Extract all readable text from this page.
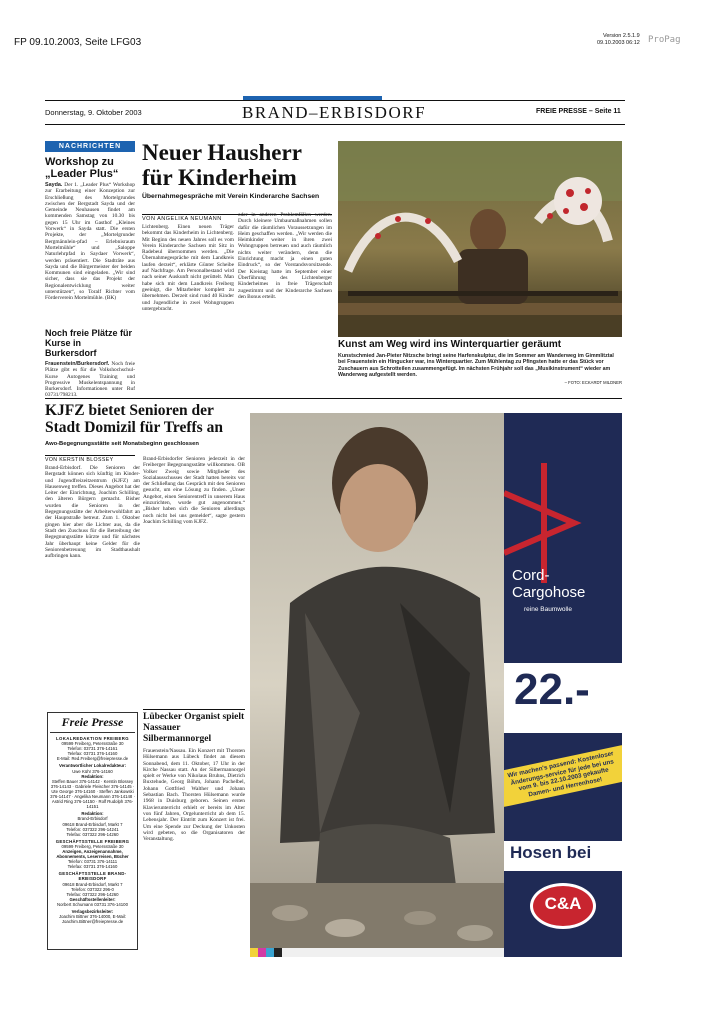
FP 09.10.2003, Seite LFG03
Version 2.5.1.9
09.10.2003 06:12 ProPag
Donnerstag, 9. Oktober 2003	BRAND–ERBISDORF	FREIE PRESSE – Seite 11
NACHRICHTEN
Workshop zu „Leader Plus“
Sayda. Der 1. „Leader Plus“ Workshop zur Erarbeitung einer Konzeption zur Erschließung des Mortelgrundes zwischen der Bergstadt Sayda und der Gemeinde Neuhausen findet am kommenden Samstag von 10.30 bis gegen 15 Uhr im Gasthof „Kleines Vorwerk“ in Sayda statt. Die ersten Projekte, der „Mortelgrunder Bergmännlein-pfad – Erlebnisraum Mortelmühle“ und „Saloppe Naturlehrpfad in Saydaer Vorwerk“, werden präsentiert. Die Stadträte aus Sayda und die Bürgermeister der beiden Kommunen sind eingeladen. „Wir sind sicher, dass sie das Projekt der Regionalentwicklung weiter unterstützen“, so Toralf Richter vom Förderverein Mortelmühle. (BK)
Noch freie Plätze für Kurse in Burkersdorf
Frauenstein/Burkersdorf. Noch freie Plätze gibt es für die Volkshochschul-Kurse Autogenes Training und Progressive Muskelentspannung in Burkersdorf. Informationen unter Ruf 03731/798213.
Neuer Hausherr für Kinderheim
Übernahmegespräche mit Verein Kinderarche Sachsen
VON ANGELIKA NEUMANN
Lichtenberg. Einen neuen Träger bekommt das Kinderheim in Lichtenberg. Mit Beginn des neuen Jahres soll es vom Verein Kinderarche Sachsen mit Sitz in Radebeul übernommen werden. „Die Übernahmegespräche mit dem Landkreis laufen derzeit“, erklärte Günter Scheibe auf Nachfrage. Am Personalbestand wird nach seiner Auskunft nicht gerüttelt. Man habe sich mit dem Landkreis Freiberg geeinigt, die Mitarbeiter komplett zu übernehmen. Derzeit sind rund 40 Kinder und Jugendliche in zwei Wohngruppen untergebracht.
oder in anderen Problemfällen werden. Durch kleinere Umbaumaßnahmen sollen dafür die räumlichen Voraussetzungen im Heim geschaffen werden. „Wir werden die Heimkinder weiter in ihren zwei Wohngruppen betreuen und auch räumlich nichts weiter verändern, denn die Einrichtung macht ja einen guten Eindruck“, so der Vorstandsvorsitzende. Der Kreistag hatte im September einer Überführung des Lichtenberger Kinderheimes in freie Trägerschaft zugestimmt und der Kinderarche Sachsen den Bonus erteilt.
Kunst am Weg wird ins Winterquartier geräumt
Kunstschmied Jan-Pieter Nitzsche bringt seine Harfenskulptur, die im Sommer am Wanderweg im Gimmlitztal bei Frauenstein ein Hingucker war, ins Winterquartier. Zum Mühlentag zu Pfingsten hatte er das Stück vor Zuschauern aus Schrotteilen zusammengefügt. Im nächsten Frühjahr soll das „Musikinstrument“ wieder am Wanderweg aufgestellt werden.
– FOTO: ECKARDT MILDNER
KJFZ bietet Senioren der Stadt Domizil für Treffs an
Awo-Begegnungsstätte seit Monatsbeginn geschlossen
VON KERSTIN BLOSSEY
Brand-Erbisdorf. Die Senioren der Bergstadt können sich künftig im Kinder- und Jugendfreizeitzentrum (KJFZ) am Hausenweg treffen. Dieses Angebot hat der Leiter der Einrichtung, Joachim Schilling, den älteren Bürgern gemacht. Bisher wurden die Senioren in der Begegnungsstätte der Arbeiterwohlfahrt an der Hauptstraße betreut. Zum 1. Oktober gingen hier aber die Lichter aus, da die Stadt den Zuschuss für die Betreibung der Begegnungsstätte kürzte und für nächstes Jahr überhaupt keine Gelder für die Seniorenbetreuung im Stadthaushalt aufbringen kann.
Brand-Erbisdorfer Senioren jederzeit in der Freiberger Begegnungsstätte willkommen. OB Volker Zweig sowie Mitglieder des Sozialausschusses der Stadt hatten bereits vor der Schließung das Gespräch mit den Senioren gesucht, um eine Lösung zu finden. „Unser Angebot, einen Seniorentreff in unserem Haus einzurichten, wurde gut angenommen.“ „Bisher haben sich die Senioren allerdings noch nicht bei uns gemeldet“, sagte gestern Joachim Schilling vom KJFZ.
Freie Presse
LOKALREDAKTION FREIBERG
09599 Freiberg, Petersstraße 30
Telefon: 03731 376-14161
Telefax: 03731 376-14160
E-Mail: Red.Freiberg@freiepresse.de
Verantwortlicher Lokalredakteur:
Uwe Kühr 376-14160
Redaktion:
Steffen Bauer 376-14142 · Kerstin Blossey 376-14143 · Gabriele Fleischer 376-14145 · Ute George 376-14160 · Steffen Jankowski 376-14147 · Angelika Neumann 376-14148 · Astrid Ring 376-14150 · Rolf Rudolph 376-14151
Redaktion:
Brand-Erbisdorf
09618 Brand-Erbisdorf, Markt 7
Telefon: 037322 296-14241
Telefax: 037322 296-14260
GESCHÄFTSSTELLE FREIBERG
09599 Freiberg, Petersstraße 30
Anzeigen, Anzeigenannahme, Abonnements, Leserreisen, Bücher
Telefon: 03731 376-14111
Telefax: 03731 376-14160
GESCHÄFTSSTELLE BRAND-ERBISDORF
09618 Brand-Erbisdorf, Markt 7
Telefon: 037322 296-0
Telefax: 037322 296-14260
Geschäftsstellenleiter:
Norbert Schumann 03731 376-14100
Verlagsbezirksleiter:
Joachim Bittner 376-14000, E-Mail: Joachim.Bittner@freiepresse.de
Lübecker Organist spielt Nassauer Silbermannorgel
Frauenstein/Nassau. Ein Konzert mit Thorsten Hülsemann aus Lübeck findet an diesem Sonnabend, dem 11. Oktober, 17 Uhr in der Kirche Nassau statt. An der Silbermannorgel spielt er Werke von Nikolaus Bruhns, Dietrich Buxtehude, Georg Böhm, Johann Pachelbel, Johann Gottfried Walther und Johann Sebastian Bach. Thorsten Hülsemann wurde 1968 in Duisburg geboren. Seinen ersten Klavierunterricht erhielt er bereits im Alter von fünf Jahren, Orgelunterricht ab dem 15. Lebensjahr. Der Eintritt zum Konzert ist frei. Um eine Spende zur Deckung der Unkosten wird gebeten, so die Organisatoren der Veranstaltung.
Cord-Cargohose
reine Baumwolle
22.-
Wir machen's passend: Kostenloser Änderungs-service für jede bei uns vom 9. bis 22.10.2003 gekaufte Damen- und Herrenhose!
Hosen bei
C&A
